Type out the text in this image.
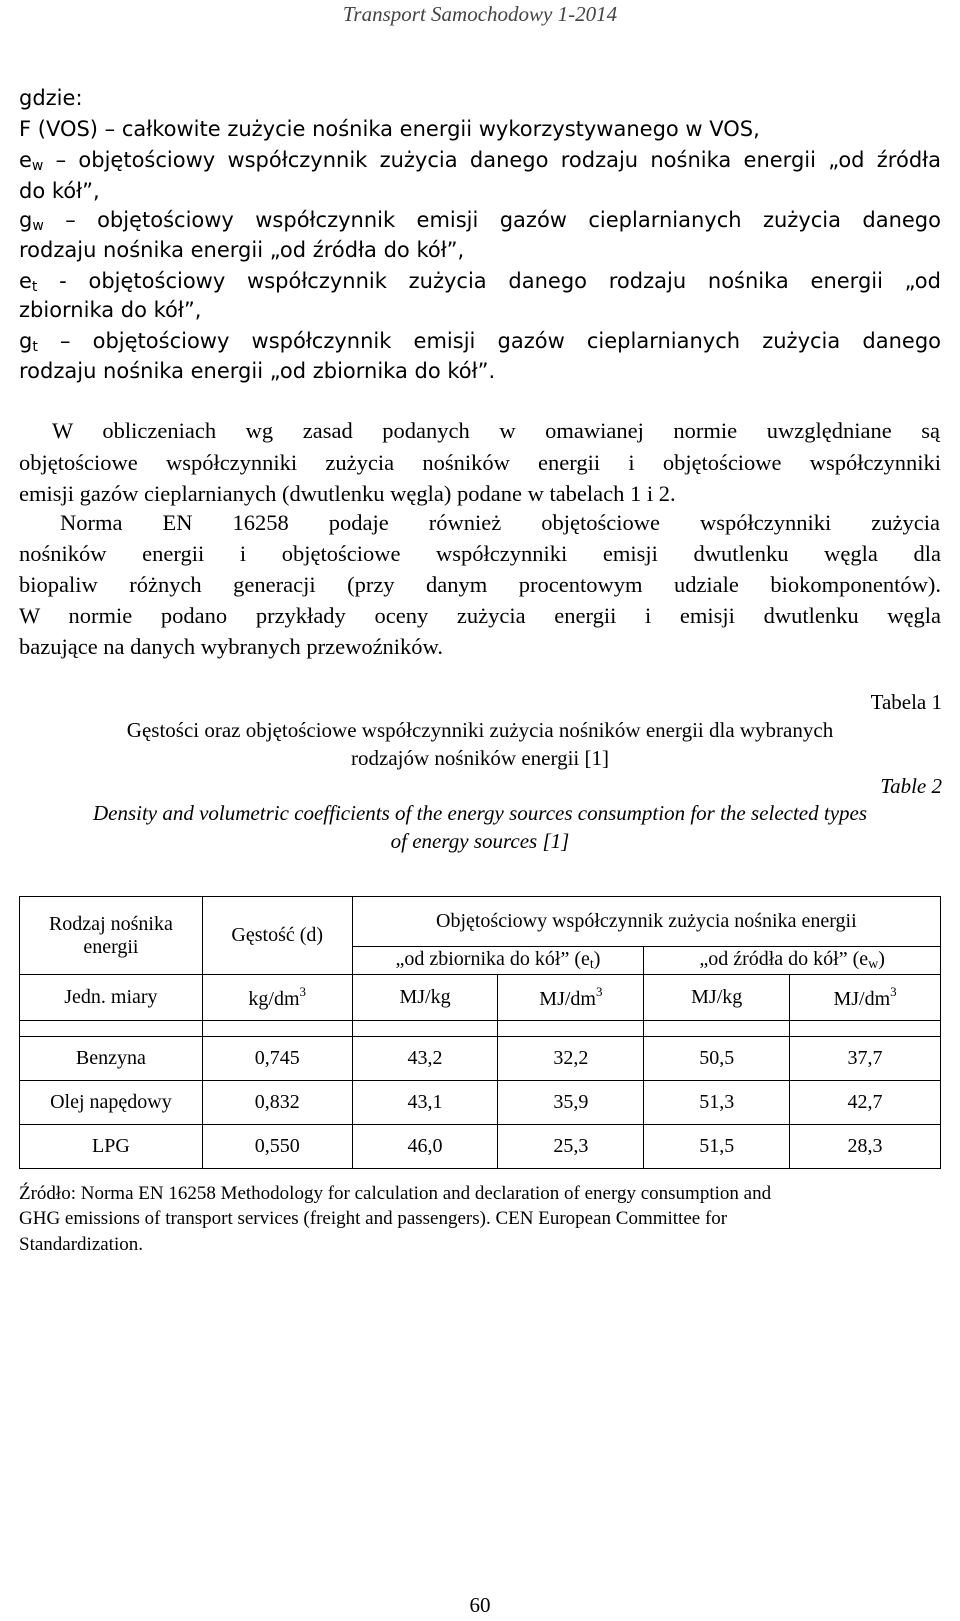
Transport Samochodowy 1-2014
gdzie:
F (VOS) – całkowite zużycie nośnika energii wykorzystywanego w VOS,
$e_w$ – objętościowy współczynnik zużycia danego rodzaju nośnika energii „od źródła
do kół”,
$g_w$ – objętościowy współczynnik emisji gazów cieplarnianych zużycia danego
rodzaju nośnika energii „od źródła do kół”,
$e_t$ - objętościowy współczynnik zużycia danego rodzaju nośnika energii „od
zbiornika do kół”,
$g_t$ – objętościowy współczynnik emisji gazów cieplarnianych zużycia danego
rodzaju nośnika energii „od zbiornika do kół”.
W obliczeniach wg zasad podanych w omawianej normie uwzględniane są
objętościowe współczynniki zużycia nośników energii i objętościowe współczynniki
emisji gazów cieplarnianych (dwutlenku węgla) podane w tabelach 1 i 2.
Norma EN 16258 podaje również objętościowe współczynniki zużycia
nośników energii i objętościowe współczynniki emisji dwutlenku węgla dla
biopaliw różnych generacji (przy danym procentowym udziale biokomponentów).
W normie podano przykłady oceny zużycia energii i emisji dwutlenku węgla
bazujące na danych wybranych przewoźników.
Tabela 1
Gęstości oraz objętościowe współczynniki zużycia nośników energii dla wybranych
rodzajów nośników energii [1]
Table 2
Density and volumetric coefficients of the energy sources consumption for the selected types
of energy sources [1]
Rodzaj nośnika
energii	Gęstość (d)	Objętościowy współczynnik zużycia nośnika energii			
		„od zbiornika do kół” $(e_t)$		„od źródła do kół” $(e_w)$	
Jedn. miary	$kg/dm^3$	MJ/kg	$MJ/dm^3$	MJ/kg	$MJ/dm^3$

Benzyna	0,745	43,2	32,2	50,5	37,7
Olej napędowy	0,832	43,1	35,9	51,3	42,7
LPG	0,550	46,0	25,3	51,5	28,3
Źródło: Norma EN 16258 Methodology for calculation and declaration of energy consumption and
GHG emissions of transport services (freight and passengers). CEN European Committee for
Standardization.
60
